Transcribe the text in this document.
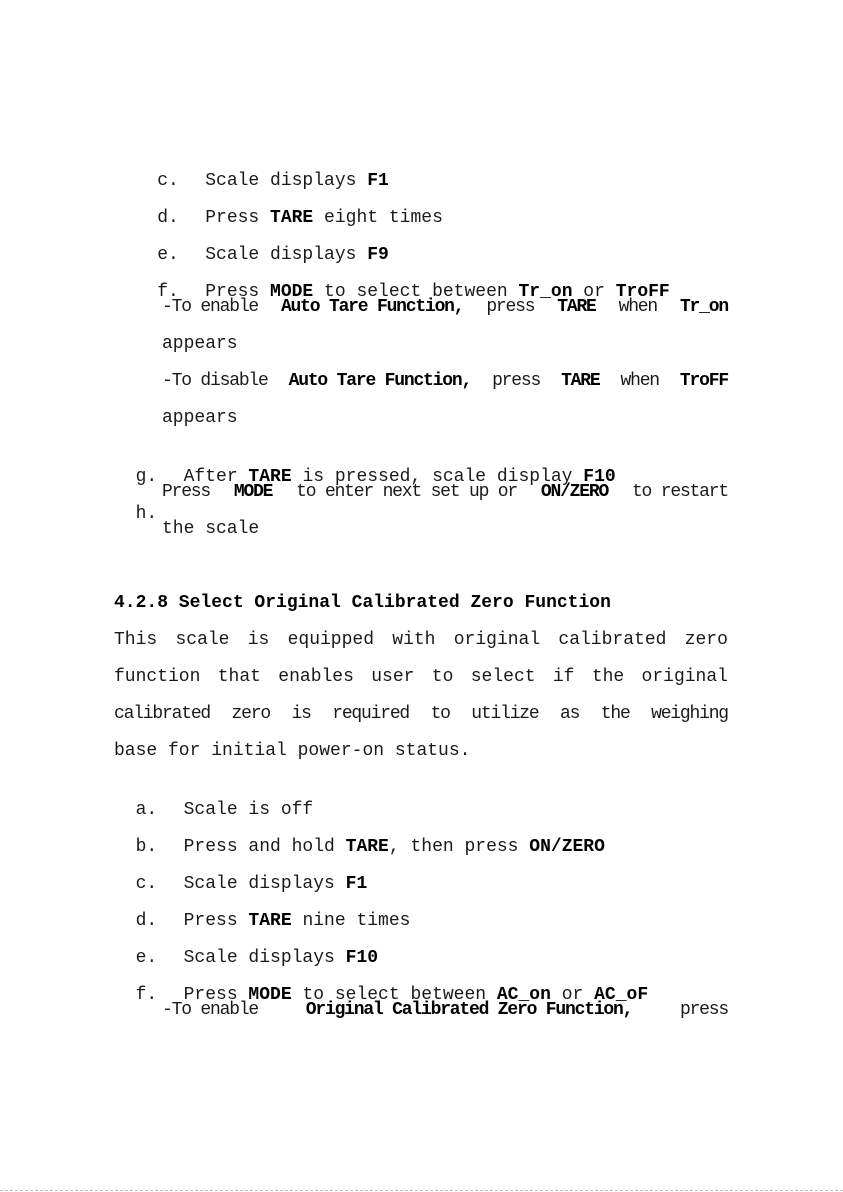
c. Scale displays F1

d. Press TARE eight times

e. Scale displays F9

f. Press MODE to select between Tr_on or TroFF

-To enable Auto Tare Function, press TARE when Tr_on
appears
-To disable Auto Tare Function, press TARE when TroFF
appears

g. After TARE is pressed, scale display F10

h.

Press MODE to enter next set up or ON/ZERO to restart
the scale
4.2.8 Select Original Calibrated Zero Function
This scale is equipped with original calibrated zero
function that enables user to select if the original
calibrated zero is required to utilize as the weighing
base for initial power-on status.

a. Scale is off

b. Press and hold TARE, then press ON/ZERO

c. Scale displays F1

d. Press TARE nine times

e. Scale displays F10

f. Press MODE to select between AC_on or AC_oF

-To enable	Original Calibrated Zero Function,	press
